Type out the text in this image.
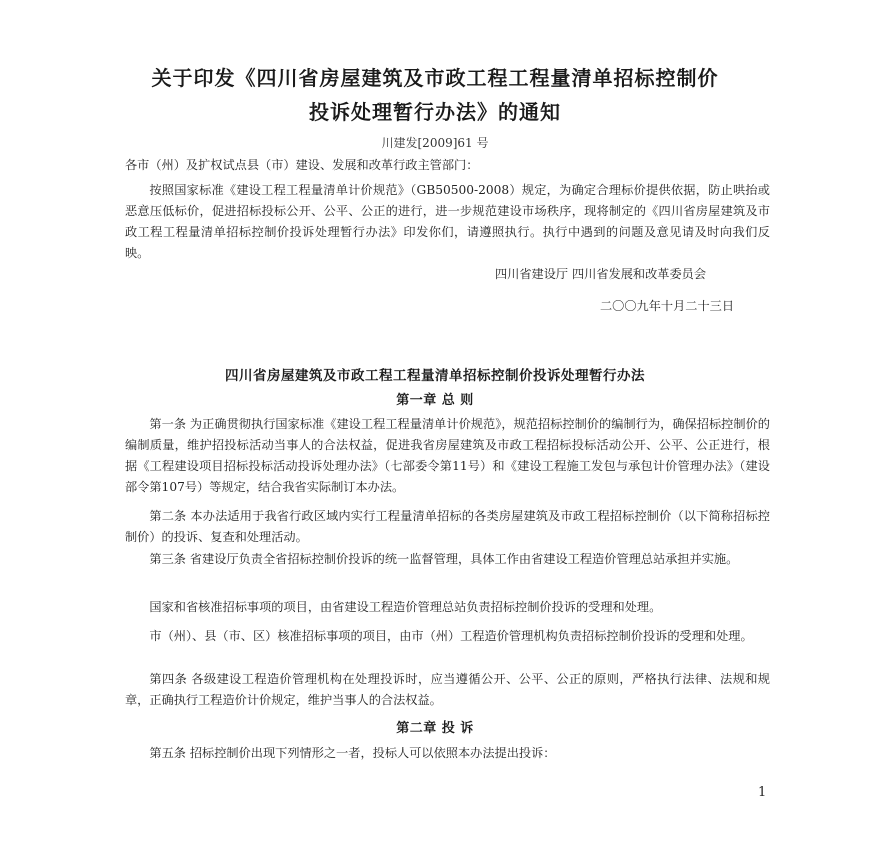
关于印发《四川省房屋建筑及市政工程工程量清单招标控制价
投诉处理暂行办法》的通知
川建发[2009]61 号
各市（州）及扩权试点县（市）建设、发展和改革行政主管部门：
按照国家标准《建设工程工程量清单计价规范》（GB50500-2008）规定，为确定合理标价提供依据，防止哄抬或恶意压低标价，促进招标投标公开、公平、公正的进行，进一步规范建设市场秩序，现将制定的《四川省房屋建筑及市政工程工程量清单招标控制价投诉处理暂行办法》印发你们，请遵照执行。执行中遇到的问题及意见请及时向我们反映。
四川省建设厅 四川省发展和改革委员会
二〇〇九年十月二十三日
四川省房屋建筑及市政工程工程量清单招标控制价投诉处理暂行办法
第一章 总 则
第一条 为正确贯彻执行国家标准《建设工程工程量清单计价规范》，规范招标控制价的编制行为，确保招标控制价的编制质量，维护招投标活动当事人的合法权益，促进我省房屋建筑及市政工程招标投标活动公开、公平、公正进行，根据《工程建设项目招标投标活动投诉处理办法》（七部委令第11号）和《建设工程施工发包与承包计价管理办法》（建设部令第107号）等规定，结合我省实际制订本办法。
第二条 本办法适用于我省行政区域内实行工程量清单招标的各类房屋建筑及市政工程招标控制价（以下简称招标控制价）的投诉、复查和处理活动。
第三条 省建设厅负责全省招标控制价投诉的统一监督管理，具体工作由省建设工程造价管理总站承担并实施。
国家和省核准招标事项的项目，由省建设工程造价管理总站负责招标控制价投诉的受理和处理。
市（州）、县（市、区）核准招标事项的项目，由市（州）工程造价管理机构负责招标控制价投诉的受理和处理。
第四条 各级建设工程造价管理机构在处理投诉时，应当遵循公开、公平、公正的原则，严格执行法律、法规和规章，正确执行工程造价计价规定，维护当事人的合法权益。
第二章 投 诉
第五条 招标控制价出现下列情形之一者，投标人可以依照本办法提出投诉：
1
